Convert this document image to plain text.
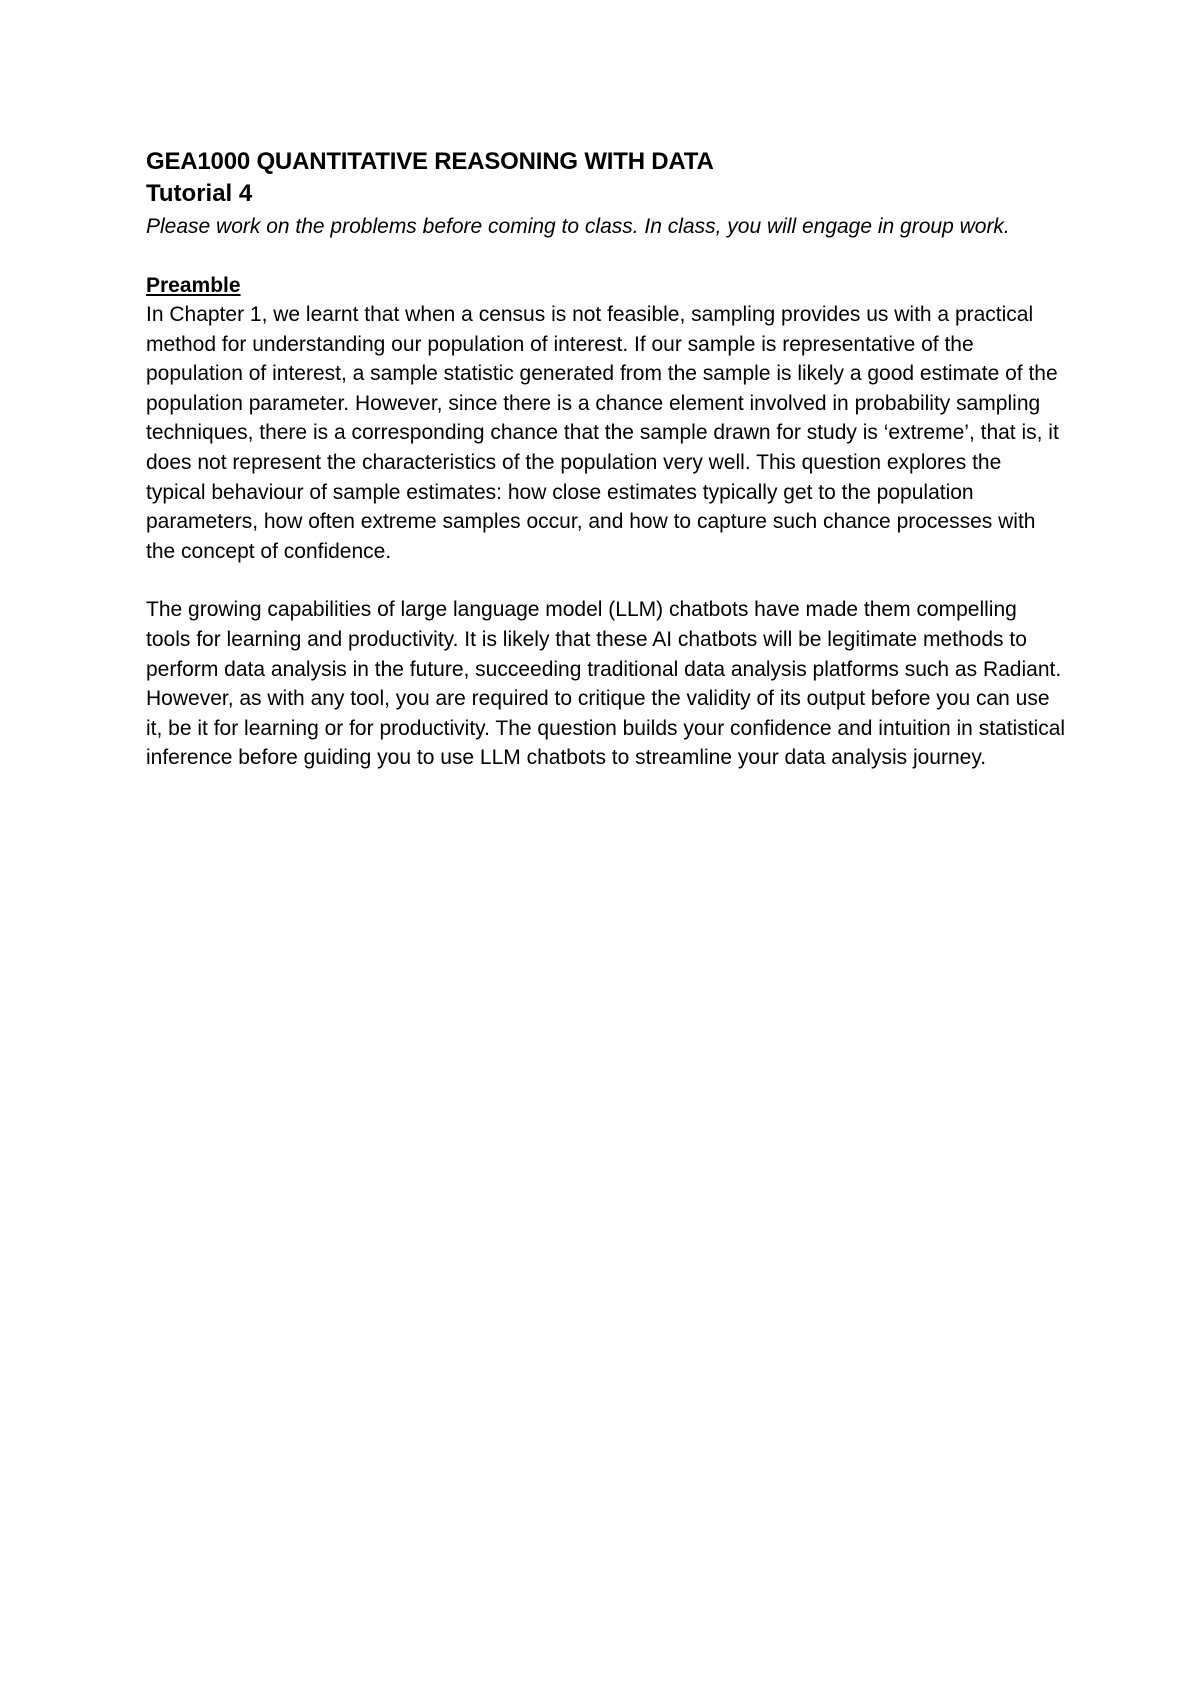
GEA1000 QUANTITATIVE REASONING WITH DATA
Tutorial 4

Please work on the problems before coming to class. In class, you will engage in group work.

Preamble

In Chapter 1, we learnt that when a census is not feasible, sampling provides us with a practical method for understanding our population of interest. If our sample is representative of the population of interest, a sample statistic generated from the sample is likely a good estimate of the population parameter. However, since there is a chance element involved in probability sampling techniques, there is a corresponding chance that the sample drawn for study is ‘extreme’, that is, it does not represent the characteristics of the population very well. This question explores the typical behaviour of sample estimates: how close estimates typically get to the population parameters, how often extreme samples occur, and how to capture such chance processes with the concept of confidence.

The growing capabilities of large language model (LLM) chatbots have made them compelling tools for learning and productivity. It is likely that these AI chatbots will be legitimate methods to perform data analysis in the future, succeeding traditional data analysis platforms such as Radiant. However, as with any tool, you are required to critique the validity of its output before you can use it, be it for learning or for productivity. The question builds your confidence and intuition in statistical inference before guiding you to use LLM chatbots to streamline your data analysis journey.
